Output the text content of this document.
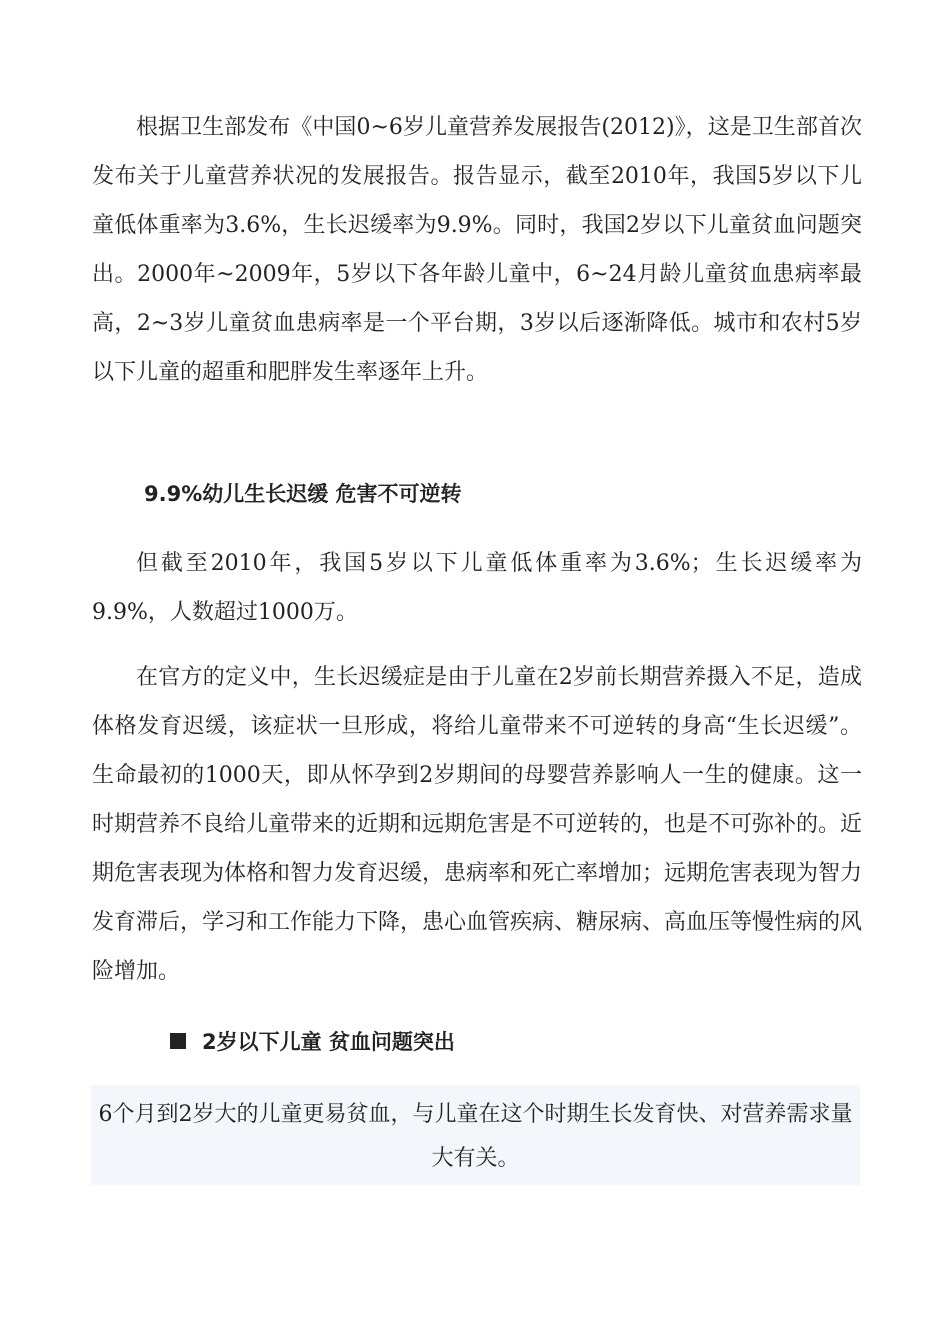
根据卫生部发布《中国0~6岁儿童营养发展报告(2012)》，这是卫生部首次发布关于儿童营养状况的发展报告。报告显示，截至2010年，我国5岁以下儿童低体重率为3.6%，生长迟缓率为9.9%。同时，我国2岁以下儿童贫血问题突出。2000年~2009年，5岁以下各年龄儿童中，6~24月龄儿童贫血患病率最高，2~3岁儿童贫血患病率是一个平台期，3岁以后逐渐降低。城市和农村5岁以下儿童的超重和肥胖发生率逐年上升。

9.9%幼儿生长迟缓 危害不可逆转

但截至2010年，我国5岁以下儿童低体重率为3.6%；生长迟缓率为9.9%，人数超过1000万。

在官方的定义中，生长迟缓症是由于儿童在2岁前长期营养摄入不足，造成体格发育迟缓，该症状一旦形成，将给儿童带来不可逆转的身高“生长迟缓”。生命最初的1000天，即从怀孕到2岁期间的母婴营养影响人一生的健康。这一时期营养不良给儿童带来的近期和远期危害是不可逆转的，也是不可弥补的。近期危害表现为体格和智力发育迟缓，患病率和死亡率增加；远期危害表现为智力发育滞后，学习和工作能力下降，患心血管疾病、糖尿病、高血压等慢性病的风险增加。

2岁以下儿童 贫血问题突出

6个月到2岁大的儿童更易贫血，与儿童在这个时期生长发育快、对营养需求量大有关。
